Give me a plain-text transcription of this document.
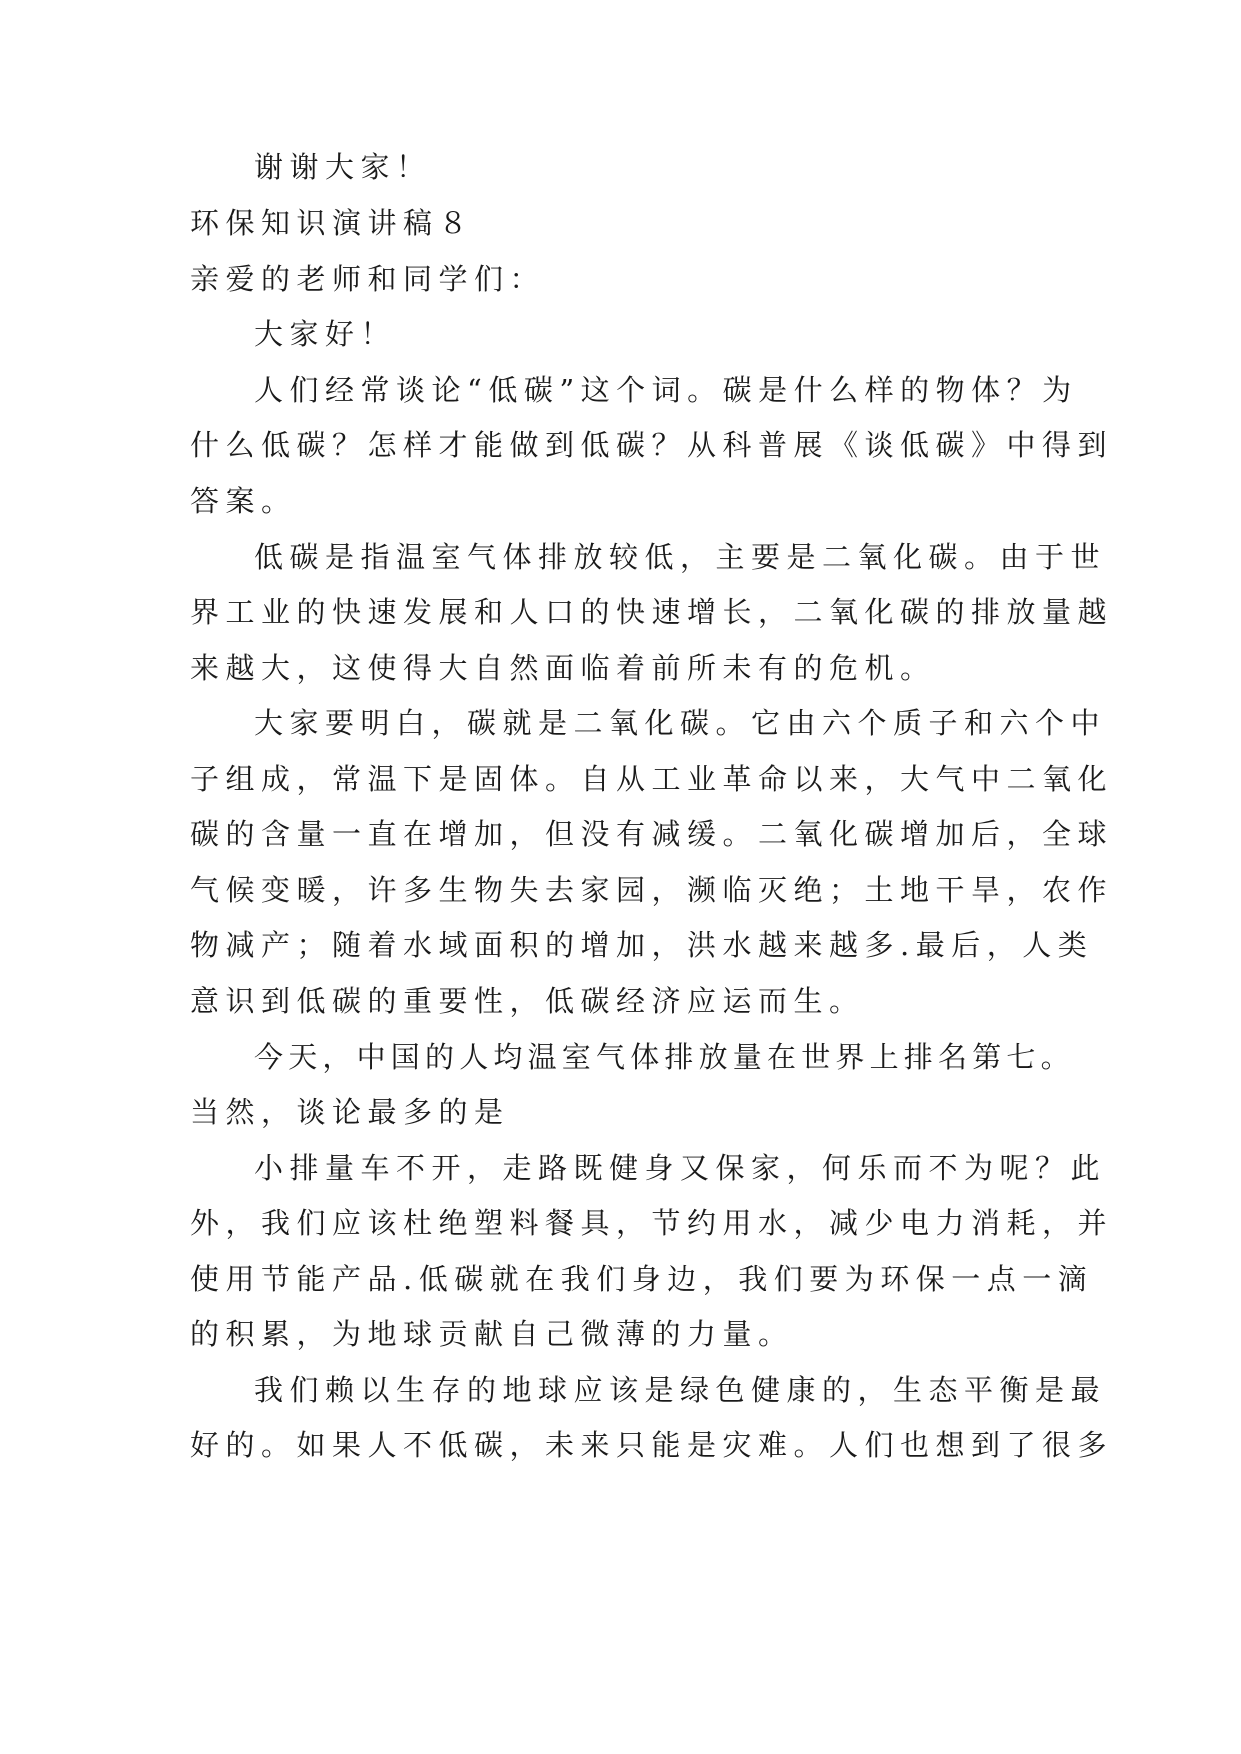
谢谢大家！

环保知识演讲稿８

亲爱的老师和同学们：

大家好！

人们经常谈论“低碳”这个词。碳是什么样的物体？为

什么低碳？怎样才能做到低碳？从科普展《谈低碳》中得到

答案。

低碳是指温室气体排放较低，主要是二氧化碳。由于世

界工业的快速发展和人口的快速增长，二氧化碳的排放量越

来越大，这使得大自然面临着前所未有的危机。

大家要明白，碳就是二氧化碳。它由六个质子和六个中

子组成，常温下是固体。自从工业革命以来，大气中二氧化

碳的含量一直在增加，但没有减缓。二氧化碳增加后，全球

气候变暖，许多生物失去家园，濒临灭绝；土地干旱，农作

物减产；随着水域面积的增加，洪水越来越多.最后，人类

意识到低碳的重要性，低碳经济应运而生。

今天，中国的人均温室气体排放量在世界上排名第七。

当然，谈论最多的是

小排量车不开，走路既健身又保家，何乐而不为呢？此

外，我们应该杜绝塑料餐具，节约用水，减少电力消耗，并

使用节能产品.低碳就在我们身边，我们要为环保一点一滴

的积累，为地球贡献自己微薄的力量。

我们赖以生存的地球应该是绿色健康的，生态平衡是最

好的。如果人不低碳，未来只能是灾难。人们也想到了很多
